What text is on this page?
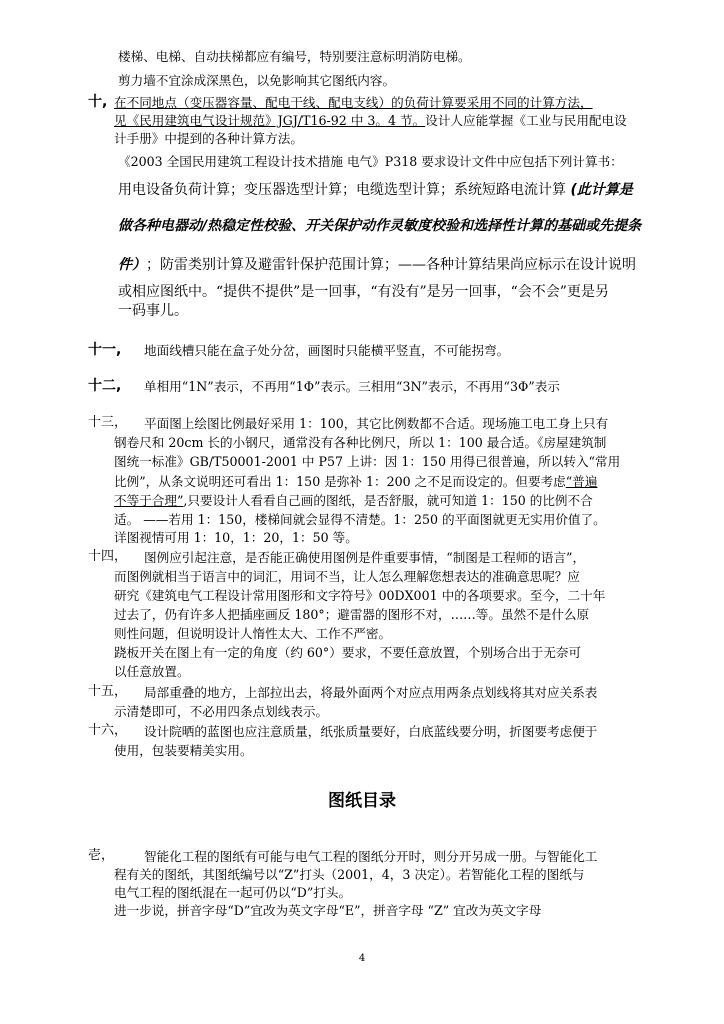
楼梯、电梯、自动扶梯都应有编号，特别要注意标明消防电梯。
剪力墙不宜涂成深黑色，以免影响其它图纸内容。
十, 在不同地点（变压器容量、配电干线、配电支线）的负荷计算要采用不同的计算方法，
见《民用建筑电气设计规范》JGJ/T16-92 中 3。4 节。设计人应能掌握《工业与民用配电设
计手册》中提到的各种计算方法。
《2003 全国民用建筑工程设计技术措施 电气》P318 要求设计文件中应包括下列计算书：
用电设备负荷计算；变压器选型计算；电缆选型计算；系统短路电流计算 (此计算是
做各种电器动/热稳定性校验、开关保护动作灵敏度校验和选择性计算的基础或先提条
件）；防雷类别计算及避雷针保护范围计算；——各种计算结果尚应标示在设计说明
或相应图纸中。“提供不提供”是一回事，“有没有”是另一回事，“会不会”更是另
一码事儿。
十一, 地面线槽只能在盒子处分岔，画图时只能横平竖直，不可能拐弯。
十二, 单相用“1N”表示，不再用“1Φ”表示。三相用“3N”表示，不再用“3Φ”表示
十三， 平面图上绘图比例最好采用 1：100，其它比例数都不合适。现场施工电工身上只有
钢卷尺和 20cm 长的小钢尺，通常没有各种比例尺，所以 1：100 最合适。《房屋建筑制
图统一标准》GB/T50001-2001 中 P57 上讲：因 1：150 用得已很普遍，所以转入“常用
比例”，从条文说明还可看出 1：150 是弥补 1：200 之不足而设定的。但要考虑“普遍
不等于合理”,只要设计人看看自己画的图纸，是否舒服，就可知道 1：150 的比例不合
适。 ——若用 1：150，楼梯间就会显得不清楚。1：250 的平面图就更无实用价值了。
详图视情可用 1：10，1：20，1：50 等。
十四， 图例应引起注意，是否能正确使用图例是件重要事情，“制图是工程师的语言”，
而图例就相当于语言中的词汇，用词不当，让人怎么理解您想表达的准确意思呢？应
研究《建筑电气工程设计常用图形和文字符号》00DX001 中的各项要求。至今，二十年
过去了，仍有许多人把插座画反 180°；避雷器的图形不对，……等。虽然不是什么原
则性问题，但说明设计人惰性太大、工作不严密。
跷板开关在图上有一定的角度（约 60°）要求，不要任意放置，个别场合出于无奈可
以任意放置。
十五， 局部重叠的地方，上部拉出去，将最外面两个对应点用两条点划线将其对应关系表
示清楚即可，不必用四条点划线表示。
十六， 设计院晒的蓝图也应注意质量，纸张质量要好，白底蓝线要分明，折图要考虑便于
使用，包装要精美实用。
图纸目录
壱， 智能化工程的图纸有可能与电气工程的图纸分开时，则分开另成一册。与智能化工
程有关的图纸，其图纸编号以“Z”打头（2001，4，3 决定）。若智能化工程的图纸与
电气工程的图纸混在一起可仍以“D”打头。
进一步说，拼音字母“D”宜改为英文字母“E”，拼音字母 “Z” 宜改为英文字母
4
